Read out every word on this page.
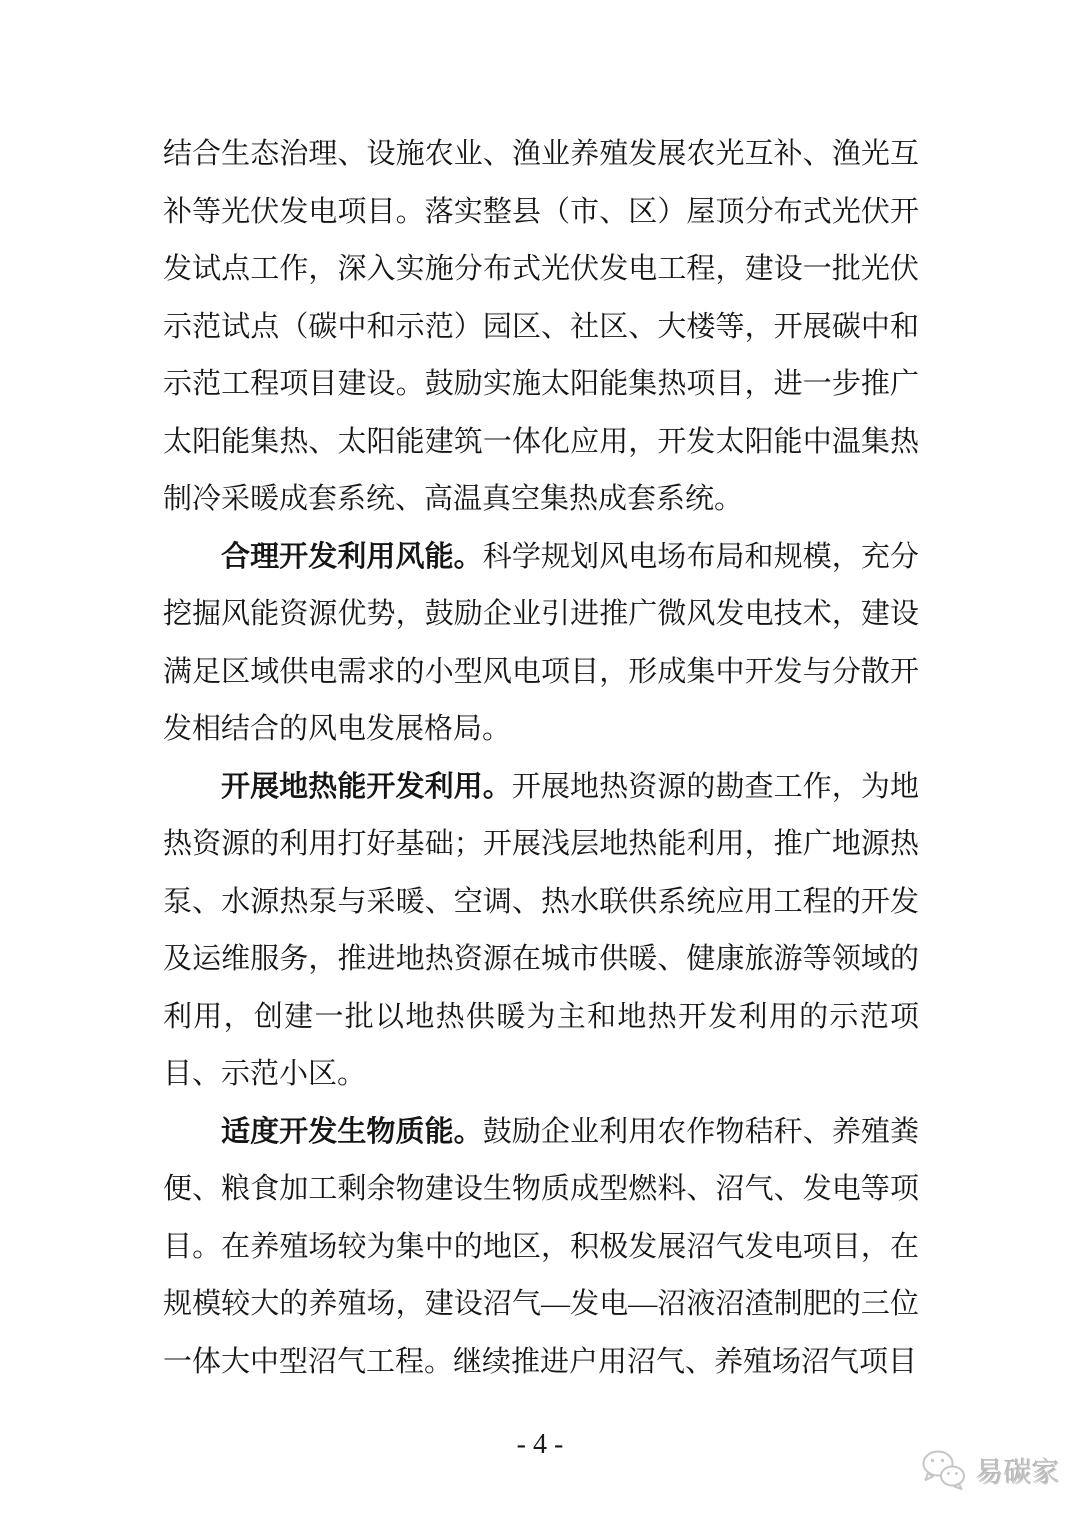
结合生态治理、设施农业、渔业养殖发展农光互补、渔光互补等光伏发电项目。落实整县（市、区）屋顶分布式光伏开发试点工作，深入实施分布式光伏发电工程，建设一批光伏示范试点（碳中和示范）园区、社区、大楼等，开展碳中和示范工程项目建设。鼓励实施太阳能集热项目，进一步推广太阳能集热、太阳能建筑一体化应用，开发太阳能中温集热制冷采暖成套系统、高温真空集热成套系统。

合理开发利用风能。科学规划风电场布局和规模，充分挖掘风能资源优势，鼓励企业引进推广微风发电技术，建设满足区域供电需求的小型风电项目，形成集中开发与分散开发相结合的风电发展格局。

开展地热能开发利用。开展地热资源的勘查工作，为地热资源的利用打好基础；开展浅层地热能利用，推广地源热泵、水源热泵与采暖、空调、热水联供系统应用工程的开发及运维服务，推进地热资源在城市供暖、健康旅游等领域的利用，创建一批以地热供暖为主和地热开发利用的示范项目、示范小区。

适度开发生物质能。鼓励企业利用农作物秸秆、养殖粪便、粮食加工剩余物建设生物质成型燃料、沼气、发电等项目。在养殖场较为集中的地区，积极发展沼气发电项目，在规模较大的养殖场，建设沼气—发电—沼液沼渣制肥的三位一体大中型沼气工程。继续推进户用沼气、养殖场沼气项目

- 4 -
易碳家
